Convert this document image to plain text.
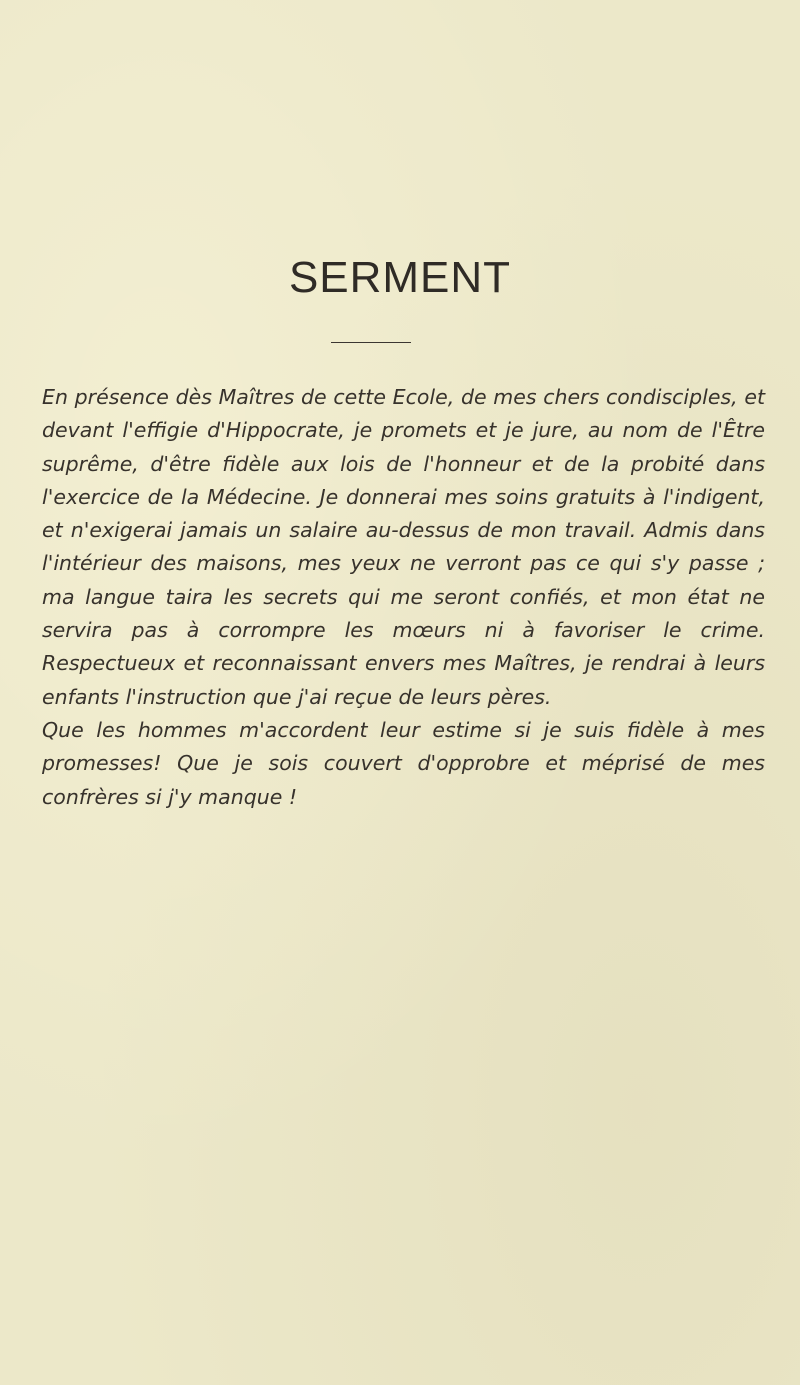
SERMENT

En présence dès Maîtres de cette Ecole, de mes chers condisciples, et devant l'effigie d'Hippocrate, je promets et je jure, au nom de l'Être suprême, d'être fidèle aux lois de l'honneur et de la probité dans l'exercice de la Médecine. Je donnerai mes soins gratuits à l'indigent, et n'exigerai jamais un salaire au-dessus de mon travail. Admis dans l'intérieur des maisons, mes yeux ne verront pas ce qui s'y passe ; ma langue taira les secrets qui me seront confiés, et mon état ne servira pas à corrompre les mœurs ni à favoriser le crime. Respectueux et reconnaissant envers mes Maîtres, je rendrai à leurs enfants l'instruction que j'ai reçue de leurs pères.

Que les hommes m'accordent leur estime si je suis fidèle à mes promesses! Que je sois couvert d'opprobre et méprisé de mes confrères si j'y manque !
